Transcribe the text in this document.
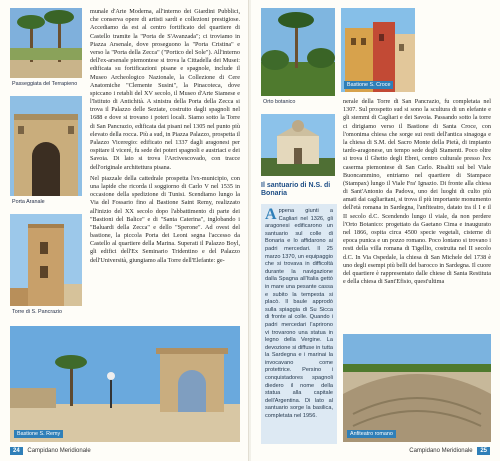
Passeggiata del Terrapieno
Porta Aranale
Torre di S. Pancrazio

munale d'Arte Moderna, all'interno dei Giardini Pubblici, che conserva opere di artisti sardi e collezioni prestigiose. Accediamo da est al centro fortificato del quartiere di Castello tramite la "Porta de S'Avanzada"; ci troviamo in Piazza Arsenale, dove proseguono la "Porta Cristina" e verso la "Porta della Zecca" ("Portico del Sole"). All'interno dell'ex-arsenale piemontese si trova la Cittadella dei Musei: edificata su fortificazioni pisane e spagnole, include il Museo Archeologico Nazionale, la Collezione di Cere Anatomiche "Clemente Susini", la Pinacoteca, dove spiccano i retabli del XV secolo, il Museo d'Arte Siamese e l'Istituto di Antichità. A sinistra della Porta della Zecca si trova il Palazzo delle Seziate, costruito dagli spagnoli nel 1688 e dove si trovano i poteri locali. Siamo sotto la Torre di San Pancrazio, edificata dai pisani nel 1305 nel punto più elevato della rocca. Più a sud, in Piazza Palazzo, prospetta il Palazzo Viceregio: edificato nel 1337 dagli aragonesi per ospitare il viceré, fu sede dei poteri spagnoli e austriaci e dei Savoia. Di lato si trova l'Arcivescovado, con tracce dell'originale architettura pisana.

Nel piazzale della cattedrale prospetta l'ex-municipio, con una lapide che ricorda il soggiorno di Carlo V nel 1535 in occasione della spedizione di Tunisi. Scendiamo lungo la Via del Fossario fino al Bastione Saint Remy, realizzato all'inizio del XX secolo dopo l'abbattimento di parte dei "Bastioni del Balice" e di "Santa Caterina", inglobando i "Baluardi della Zecca" e dello "Sperone". Ad ovest del bastione, la piccola Porta dei Leoni segna l'accesso da Castello al quartiere della Marina. Superati il Palazzo Boyl, gli edifici dell'Ex Seminario Tridentino e del Palazzo dell'Università, giungiamo alla Torre dell'Elefante: ge-

Bastione S. Remy
24 Campidano Meridionale
Orto botanico
Bastione S. Croce
Il santuario di N.S. di Bonaria
A ppena giunti a Cagliari nel 1326, gli aragonesi edificarono un santuario sul colle di Bonaria e lo affidarono ai padri mercedari. Il 25 marzo 1370, un equipaggio che si trovava in difficoltà durante la navigazione dalla Spagna all'Italia gettò in mare una pesante cassa e subito la tempesta si placò. Il baule approdò sulla spiaggia di Su Sicca di fronte al colle. Quando i padri mercedari l'aprirono vi trovarono una statua in legno della Vergine. La devozione si diffuse in tutta la Sardegna e i marinai la invocavano come protettrice. Persino i conquistadores spagnoli diedero il nome della statua alla capitale dell'Argentina. Di lato al santuario sorge la basilica, completata nel 1956.

nerale della Torre di San Pancrazio, fu completata nel 1307. Sul prospetto sud si sono la scultura di un elefante e gli stemmi di Cagliari e dei Savoia. Passando sotto la torre ci dirigiamo verso il Bastione di Santa Croce, con l'omonima chiesa che sorge sui resti dell'antica sinagoga e la chiesa di S.M. del Sacro Monte della Pietà, di impianto tardo-aragonese, un tempo sede degli Stamenti. Poco oltre si trova il Ghetto degli Ebrei, centro culturale presso l'ex caserma piemontese di San Carlo. Risaliti sul bel Viale Buoncammino, entriamo nel quartiere di Stampace (Stampax) lungo il Viale Fra' Ignazio. Di fronte alla chiesa di Sant'Antonio da Padova, uno dei luoghi di culto più amati dai cagliaritani, si trova il più importante monumento dell'età romana in Sardegna, l'anfiteatro, datato tra il I e il II secolo d.C. Scendendo lungo il viale, da non perdere l'Orto Botanico: progettato da Gaetano Cima e inaugurato nel 1866, ospita circa 4500 specie vegetali, cisterne di epoca punica e un pozzo romano. Poco lontano si trovano i resti della villa romana di Tigellio, costruita nel II secolo d.C. In Via Ospedale, la chiesa di San Michele del 1738 è uno degli esempi più belli del barocco in Sardegna. Il cuore del quartiere è rappresentato dalle chiese di Santa Restituta e della chiesa di Sant'Efisio, quest'ultima

Anfiteatro romano
Campidano Meridionale 25
